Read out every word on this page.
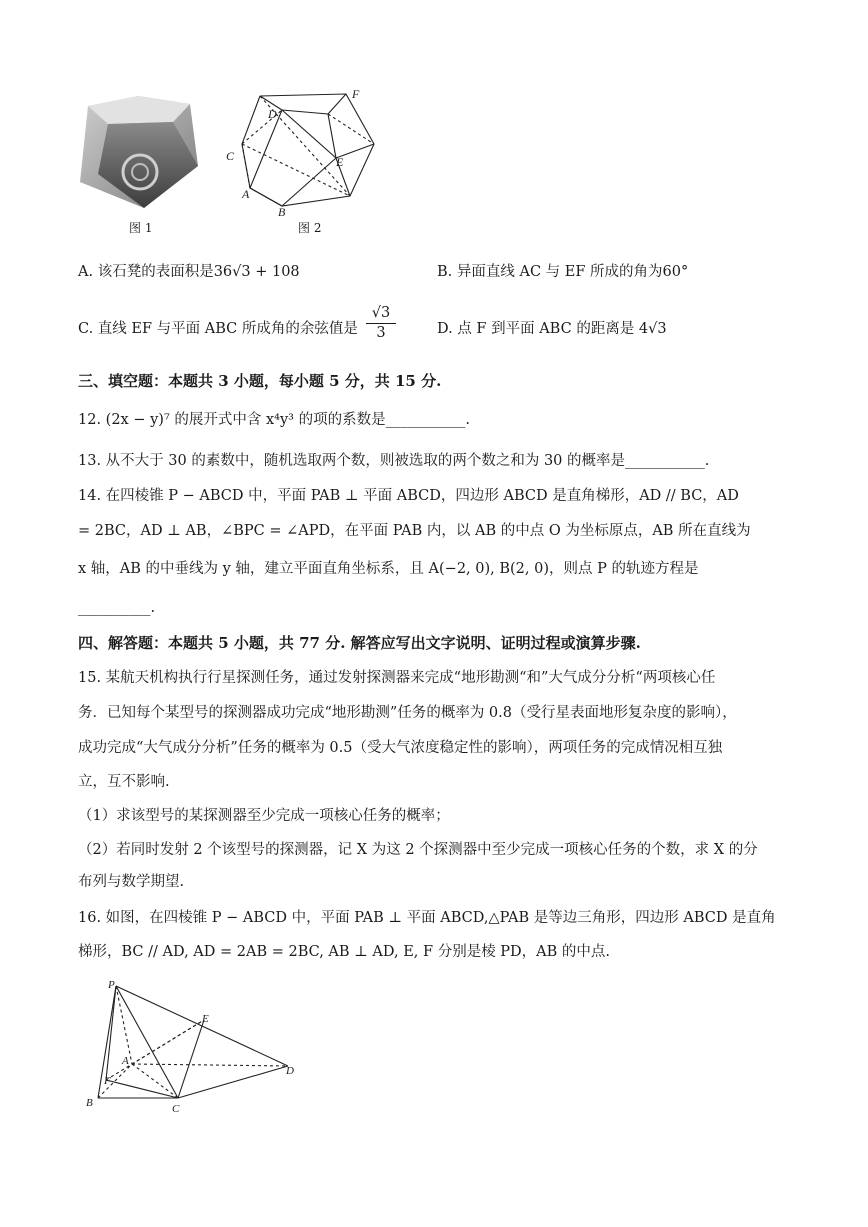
图 1
F
D
C	E
A
B
图 2
A. 该石凳的表面积是36√3 + 108	B. 异面直线 AC 与 EF 所成的角为60°
C. 直线 EF 与平面 ABC 所成角的余弦值是 $\frac{√3}{3}$	D. 点 F 到平面 ABC 的距离是 4√3
三、填空题：本题共 3 小题，每小题 5 分，共 15 分.
12. (2x − y)⁷ 的展开式中含 x⁴y³ 的项的系数是___________.
13. 从不大于 30 的素数中，随机选取两个数，则被选取的两个数之和为 30 的概率是___________.
14. 在四棱锥 P − ABCD 中，平面 PAB ⊥ 平面 ABCD，四边形 ABCD 是直角梯形，AD // BC，AD
= 2BC，AD ⊥ AB，∠BPC = ∠APD，在平面 PAB 内，以 AB 的中点 O 为坐标原点，AB 所在直线为
x 轴，AB 的中垂线为 y 轴，建立平面直角坐标系，且 A(−2, 0), B(2, 0)，则点 P 的轨迹方程是
__________.
四、解答题：本题共 5 小题，共 77 分. 解答应写出文字说明、证明过程或演算步骤.
15. 某航天机构执行行星探测任务，通过发射探测器来完成“地形勘测“和”大气成分分析“两项核心任
务．已知每个某型号的探测器成功完成“地形勘测”任务的概率为 0.8（受行星表面地形复杂度的影响），
成功完成“大气成分分析”任务的概率为 0.5（受大气浓度稳定性的影响），两项任务的完成情况相互独
立，互不影响.
（1）求该型号的某探测器至少完成一项核心任务的概率；
（2）若同时发射 2 个该型号的探测器，记 X 为这 2 个探测器中至少完成一项核心任务的个数，求 X 的分
布列与数学期望.
16. 如图，在四棱锥 P − ABCD 中，平面 PAB ⊥ 平面 ABCD,△PAB 是等边三角形，四边形 ABCD 是直角
梯形，BC // AD, AD = 2AB = 2BC, AB ⊥ AD, E, F 分别是棱 PD，AB 的中点.
P
E
A
F
B	C
D
